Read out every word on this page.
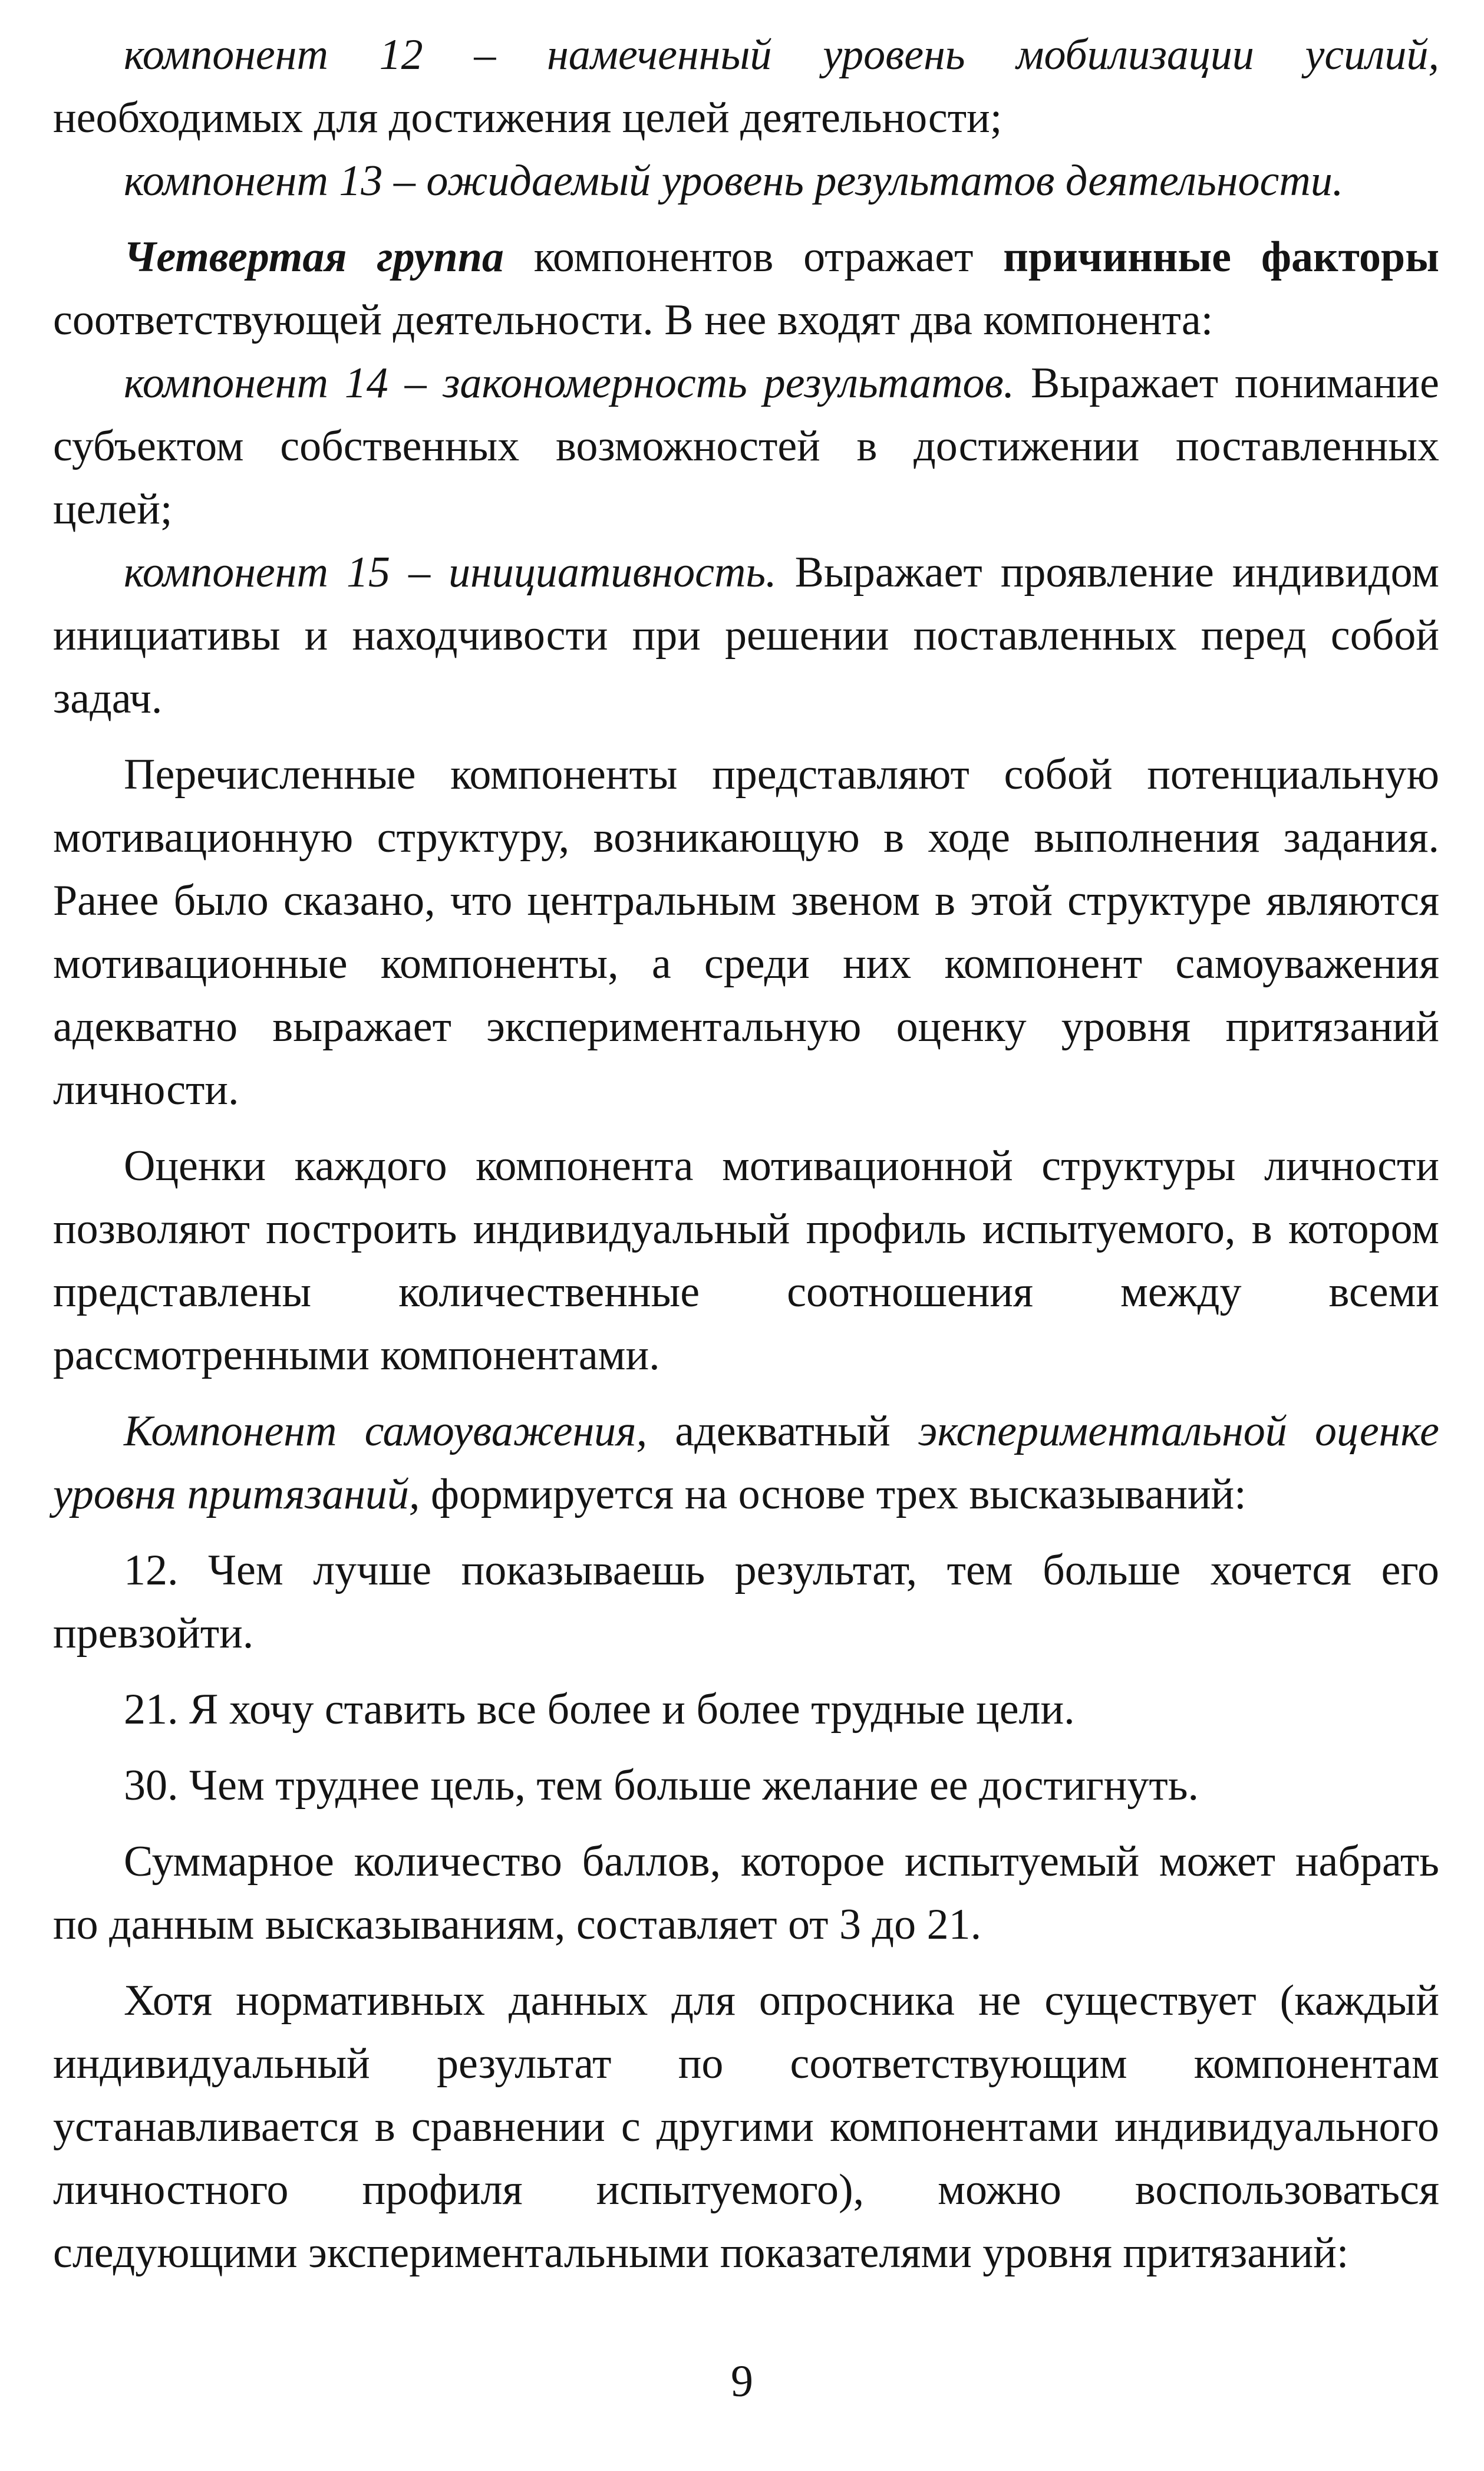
компонент 12 – намеченный уровень мобилизации усилий, необходимых для достижения целей деятельности;

компонент 13 – ожидаемый уровень результатов деятельности.

Четвертая группа компонентов отражает причинные факторы соответствующей деятельности. В нее входят два компонента:

компонент 14 – закономерность результатов. Выражает понимание субъектом собственных возможностей в достижении поставленных целей;

компонент 15 – инициативность. Выражает проявление индивидом инициативы и находчивости при решении поставленных перед собой задач.

Перечисленные компоненты представляют собой потенциальную мотивационную структуру, возникающую в ходе выполнения задания. Ранее было сказано, что центральным звеном в этой структуре являются мотивационные компоненты, а среди них компонент самоуважения адекватно выражает экспериментальную оценку уровня притязаний личности.

Оценки каждого компонента мотивационной структуры личности позволяют построить индивидуальный профиль испытуемого, в котором представлены количественные соотношения между всеми рассмотренными компонентами.

Компонент самоуважения, адекватный экспериментальной оценке уровня притязаний, формируется на основе трех высказываний:

12. Чем лучше показываешь результат, тем больше хочется его превзойти.

21. Я хочу ставить все более и более трудные цели.

30. Чем труднее цель, тем больше желание ее достигнуть.

Суммарное количество баллов, которое испытуемый может набрать по данным высказываниям, составляет от 3 до 21.

Хотя нормативных данных для опросника не существует (каждый индивидуальный результат по соответствующим компонентам устанавливается в сравнении с другими компонентами индивидуального личностного профиля испытуемого), можно воспользоваться следующими экспериментальными показателями уровня притязаний:

9
